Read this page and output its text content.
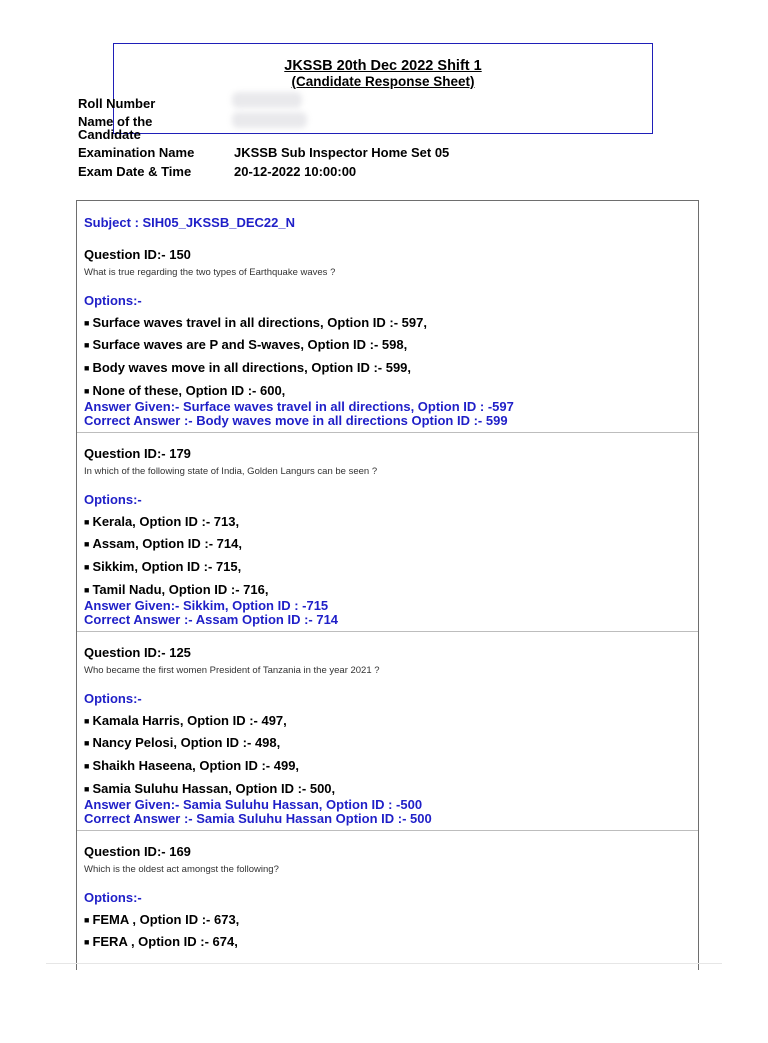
JKSSB 20th Dec 2022 Shift 1
(Candidate Response Sheet)
Roll Number
Name of the
Candidate
Examination Name	JKSSB Sub Inspector Home Set 05
Exam Date & Time	20-12-2022 10:00:00
Subject : SIH05_JKSSB_DEC22_N
Question ID:- 150
What is true regarding the two types of Earthquake waves ?
Options:-
■ Surface waves travel in all directions, Option ID :- 597,
■ Surface waves are P and S-waves, Option ID :- 598,
■ Body waves move in all directions, Option ID :- 599,
■ None of these, Option ID :- 600,
Answer Given:- Surface waves travel in all directions, Option ID : -597
Correct Answer :- Body waves move in all directions Option ID :- 599
Question ID:- 179
In which of the following state of India, Golden Langurs can be seen ?
Options:-
■ Kerala, Option ID :- 713,
■ Assam, Option ID :- 714,
■ Sikkim, Option ID :- 715,
■ Tamil Nadu, Option ID :- 716,
Answer Given:- Sikkim, Option ID : -715
Correct Answer :- Assam Option ID :- 714
Question ID:- 125
Who became the first women President of Tanzania in the year 2021 ?
Options:-
■ Kamala Harris, Option ID :- 497,
■ Nancy Pelosi, Option ID :- 498,
■ Shaikh Haseena, Option ID :- 499,
■ Samia Suluhu Hassan, Option ID :- 500,
Answer Given:- Samia Suluhu Hassan, Option ID : -500
Correct Answer :- Samia Suluhu Hassan Option ID :- 500
Question ID:- 169
Which is the oldest act amongst the following?
Options:-
■ FEMA , Option ID :- 673,
■ FERA , Option ID :- 674,
